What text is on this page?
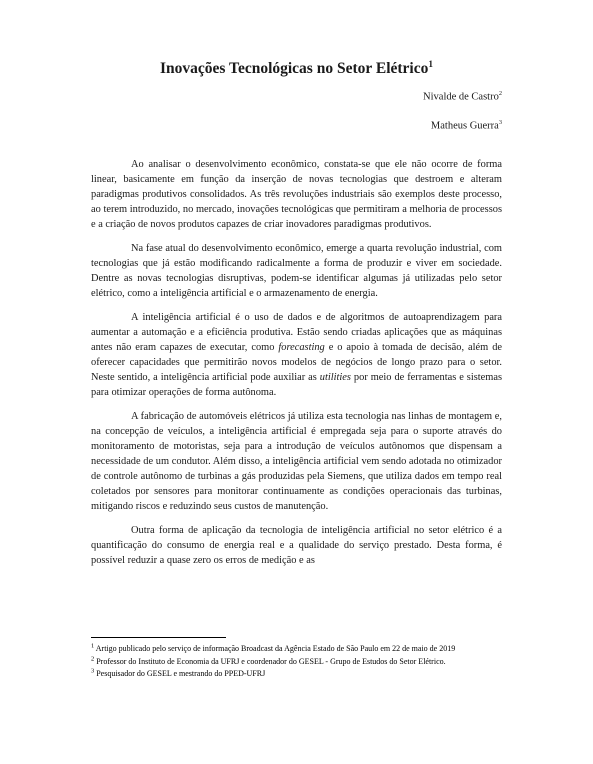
Inovações Tecnológicas no Setor Elétrico$^1$

Nivalde de Castro$^2$

Matheus Guerra$^3$

Ao analisar o desenvolvimento econômico, constata-se que ele não ocorre de forma linear, basicamente em função da inserção de novas tecnologias que destroem e alteram paradigmas produtivos consolidados. As três revoluções industriais são exemplos deste processo, ao terem introduzido, no mercado, inovações tecnológicas que permitiram a melhoria de processos e a criação de novos produtos capazes de criar inovadores paradigmas produtivos.

Na fase atual do desenvolvimento econômico, emerge a quarta revolução industrial, com tecnologias que já estão modificando radicalmente a forma de produzir e viver em sociedade. Dentre as novas tecnologias disruptivas, podem-se identificar algumas já utilizadas pelo setor elétrico, como a inteligência artificial e o armazenamento de energia.

A inteligência artificial é o uso de dados e de algoritmos de autoaprendizagem para aumentar a automação e a eficiência produtiva. Estão sendo criadas aplicações que as máquinas antes não eram capazes de executar, como forecasting e o apoio à tomada de decisão, além de oferecer capacidades que permitirão novos modelos de negócios de longo prazo para o setor. Neste sentido, a inteligência artificial pode auxiliar as utilities por meio de ferramentas e sistemas para otimizar operações de forma autônoma.

A fabricação de automóveis elétricos já utiliza esta tecnologia nas linhas de montagem e, na concepção de veículos, a inteligência artificial é empregada seja para o suporte através do monitoramento de motoristas, seja para a introdução de veículos autônomos que dispensam a necessidade de um condutor. Além disso, a inteligência artificial vem sendo adotada no otimizador de controle autônomo de turbinas a gás produzidas pela Siemens, que utiliza dados em tempo real coletados por sensores para monitorar continuamente as condições operacionais das turbinas, mitigando riscos e reduzindo seus custos de manutenção.

Outra forma de aplicação da tecnologia de inteligência artificial no setor elétrico é a quantificação do consumo de energia real e a qualidade do serviço prestado. Desta forma, é possível reduzir a quase zero os erros de medição e as

$^1$ Artigo publicado pelo serviço de informação Broadcast da Agência Estado de São Paulo em 22 de maio de 2019

$^2$ Professor do Instituto de Economia da UFRJ e coordenador do GESEL - Grupo de Estudos do Setor Elétrico.

$^3$ Pesquisador do GESEL e mestrando do PPED-UFRJ
